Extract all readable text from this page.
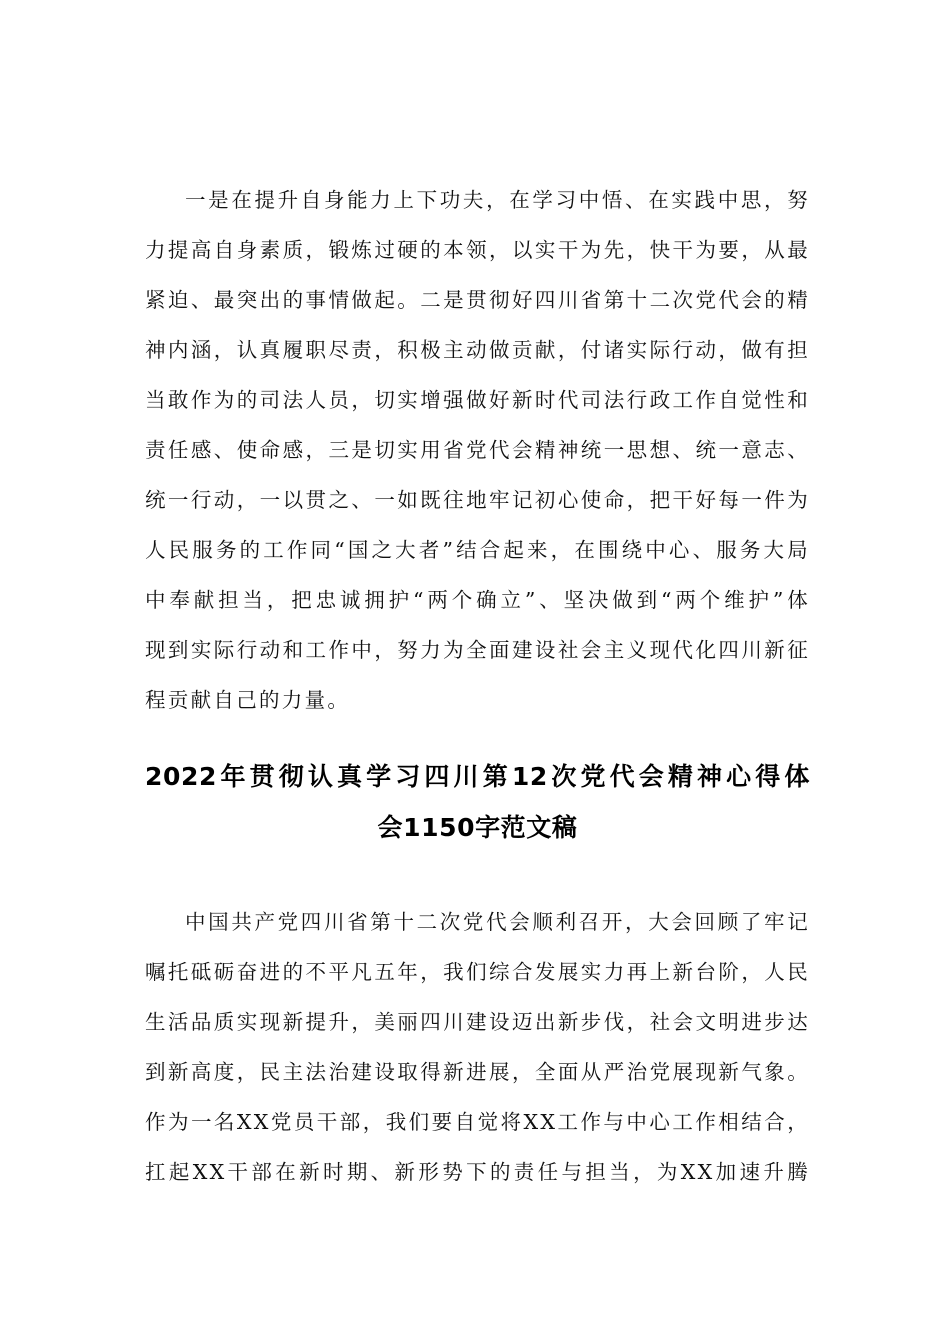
一是在提升自身能力上下功夫，在学习中悟、在实践中思，努
力提高自身素质，锻炼过硬的本领，以实干为先，快干为要，从最
紧迫、最突出的事情做起。二是贯彻好四川省第十二次党代会的精
神内涵，认真履职尽责，积极主动做贡献，付诸实际行动，做有担
当敢作为的司法人员，切实增强做好新时代司法行政工作自觉性和
责任感、使命感，三是切实用省党代会精神统一思想、统一意志、
统一行动，一以贯之、一如既往地牢记初心使命，把干好每一件为
人民服务的工作同“国之大者”结合起来，在围绕中心、服务大局
中奉献担当，把忠诚拥护“两个确立”、坚决做到“两个维护”体
现到实际行动和工作中，努力为全面建设社会主义现代化四川新征
程贡献自己的力量。
2022年贯彻认真学习四川第12次党代会精神心得体
会1150字范文稿
中国共产党四川省第十二次党代会顺利召开，大会回顾了牢记
嘱托砥砺奋进的不平凡五年，我们综合发展实力再上新台阶，人民
生活品质实现新提升，美丽四川建设迈出新步伐，社会文明进步达
到新高度，民主法治建设取得新进展，全面从严治党展现新气象。
作为一名XX党员干部，我们要自觉将XX工作与中心工作相结合，
扛起XX干部在新时期、新形势下的责任与担当，为XX加速升腾
